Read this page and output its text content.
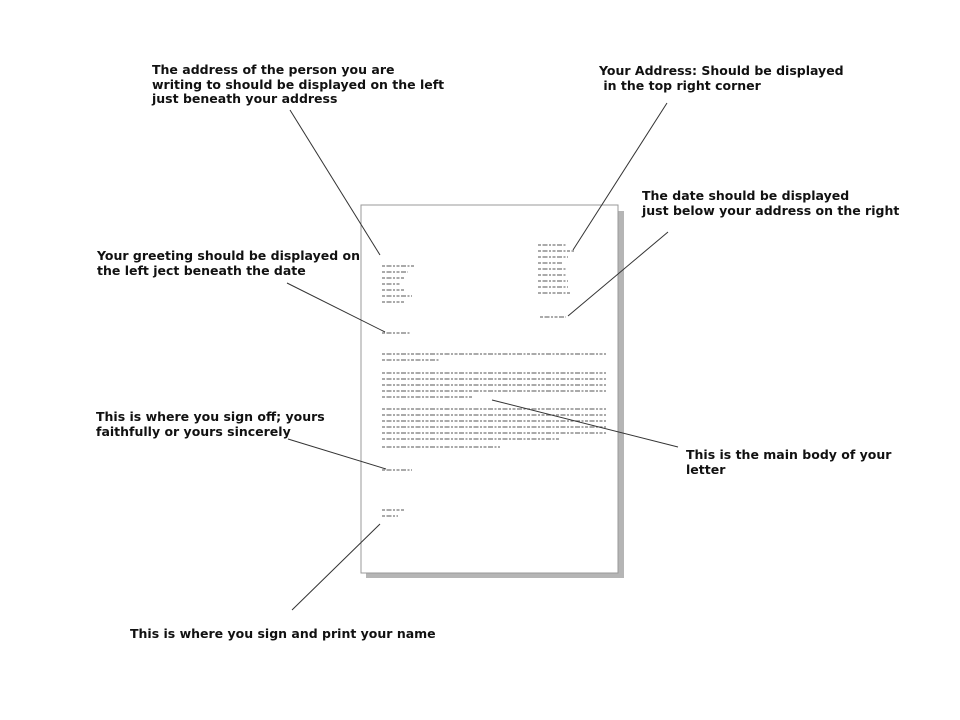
The address of the person you are
writing to should be displayed on the left
just beneath your address
Your Address: Should be displayed
in the top right corner
The date should be displayed
just below your address on the right
Your greeting should be displayed on
the left ject beneath the date
This is where you sign off; yours
faithfully or yours sincerely
This is the main body of your
letter
This is where you sign and print your name
